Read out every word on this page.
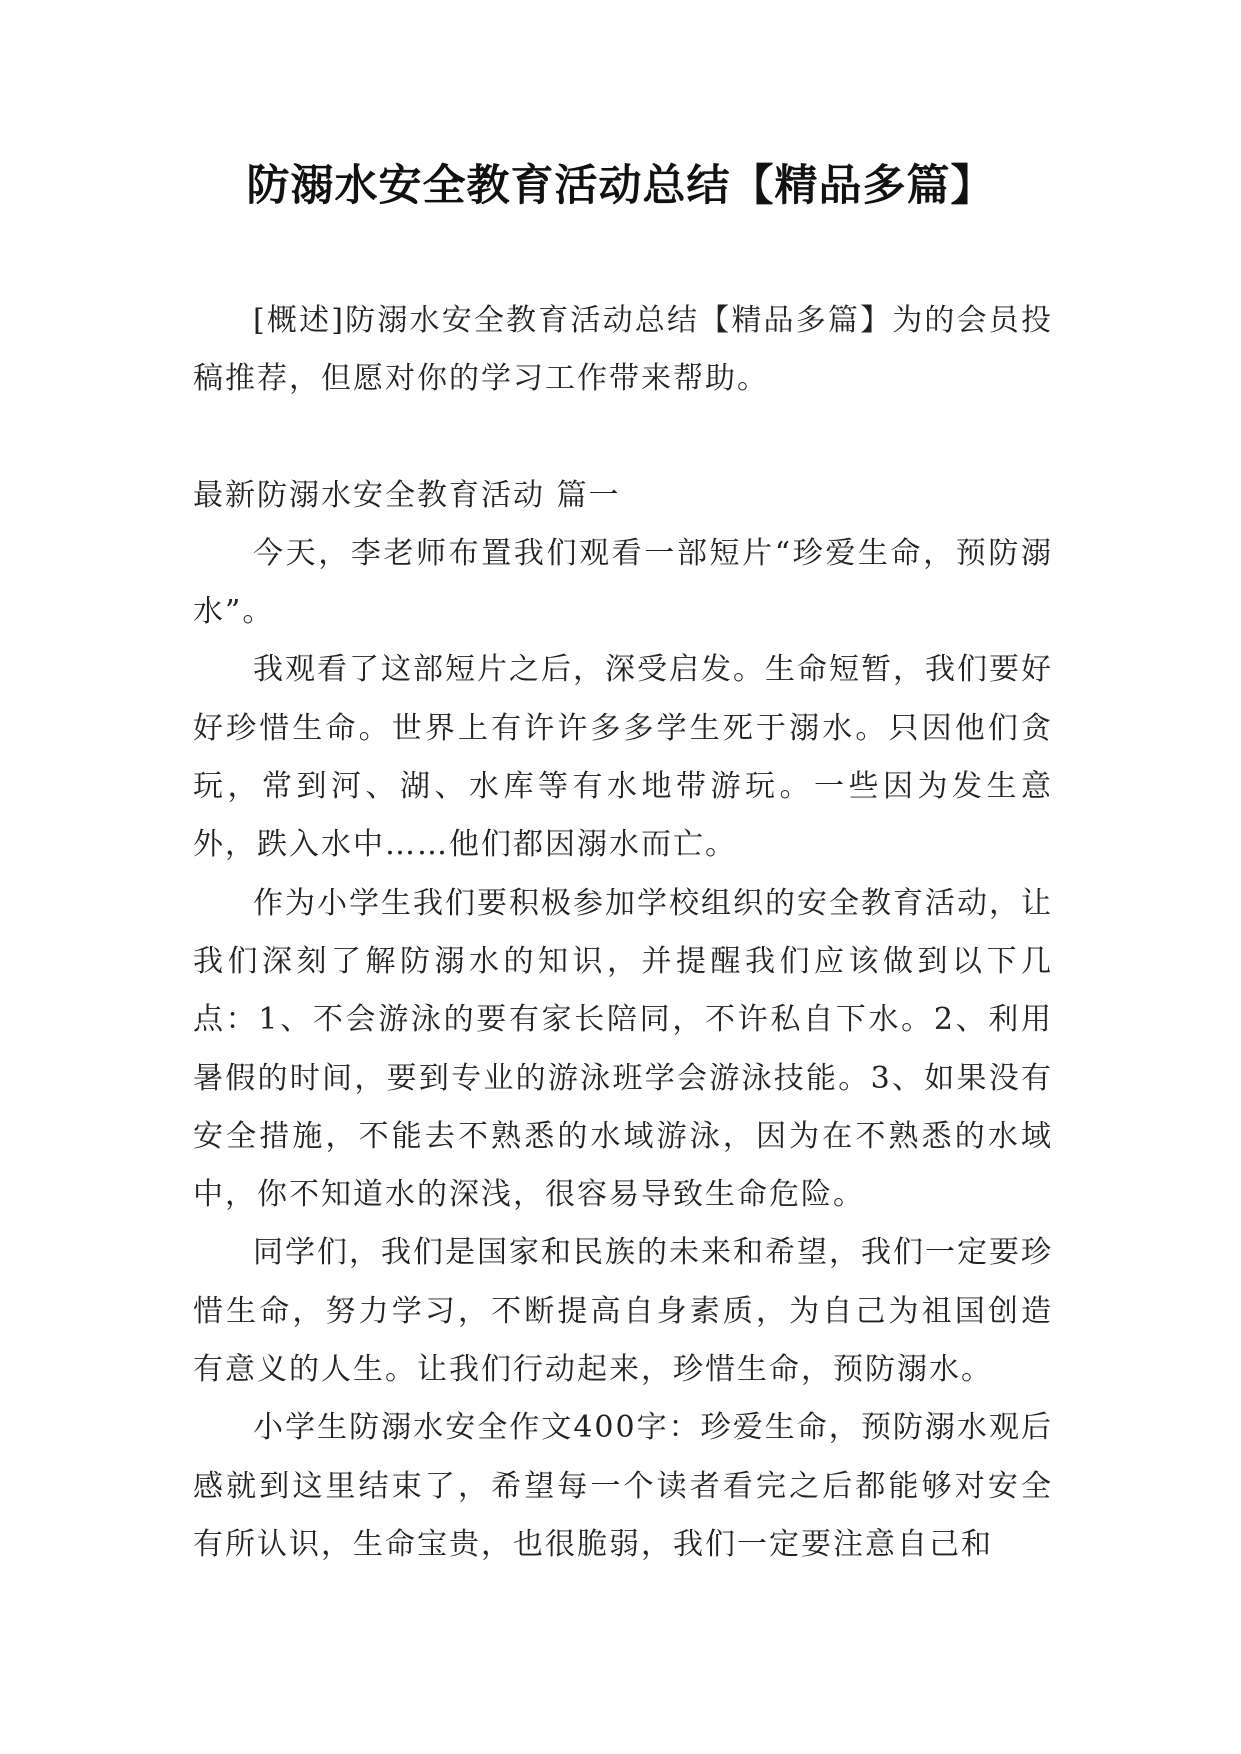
防溺水安全教育活动总结【精品多篇】

[概述]防溺水安全教育活动总结【精品多篇】为的会员投稿推荐，但愿对你的学习工作带来帮助。

最新防溺水安全教育活动 篇一

今天，李老师布置我们观看一部短片“珍爱生命，预防溺水”。

我观看了这部短片之后，深受启发。生命短暂，我们要好好珍惜生命。世界上有许许多多学生死于溺水。只因他们贪玩，常到河、湖、水库等有水地带游玩。一些因为发生意外，跌入水中……他们都因溺水而亡。

作为小学生我们要积极参加学校组织的安全教育活动，让我们深刻了解防溺水的知识，并提醒我们应该做到以下几点：1、不会游泳的要有家长陪同，不许私自下水。2、利用暑假的时间，要到专业的游泳班学会游泳技能。3、如果没有安全措施，不能去不熟悉的水域游泳，因为在不熟悉的水域中，你不知道水的深浅，很容易导致生命危险。

同学们，我们是国家和民族的未来和希望，我们一定要珍惜生命，努力学习，不断提高自身素质，为自己为祖国创造有意义的人生。让我们行动起来，珍惜生命，预防溺水。

小学生防溺水安全作文400字：珍爱生命，预防溺水观后感就到这里结束了，希望每一个读者看完之后都能够对安全有所认识，生命宝贵，也很脆弱，我们一定要注意自己和
